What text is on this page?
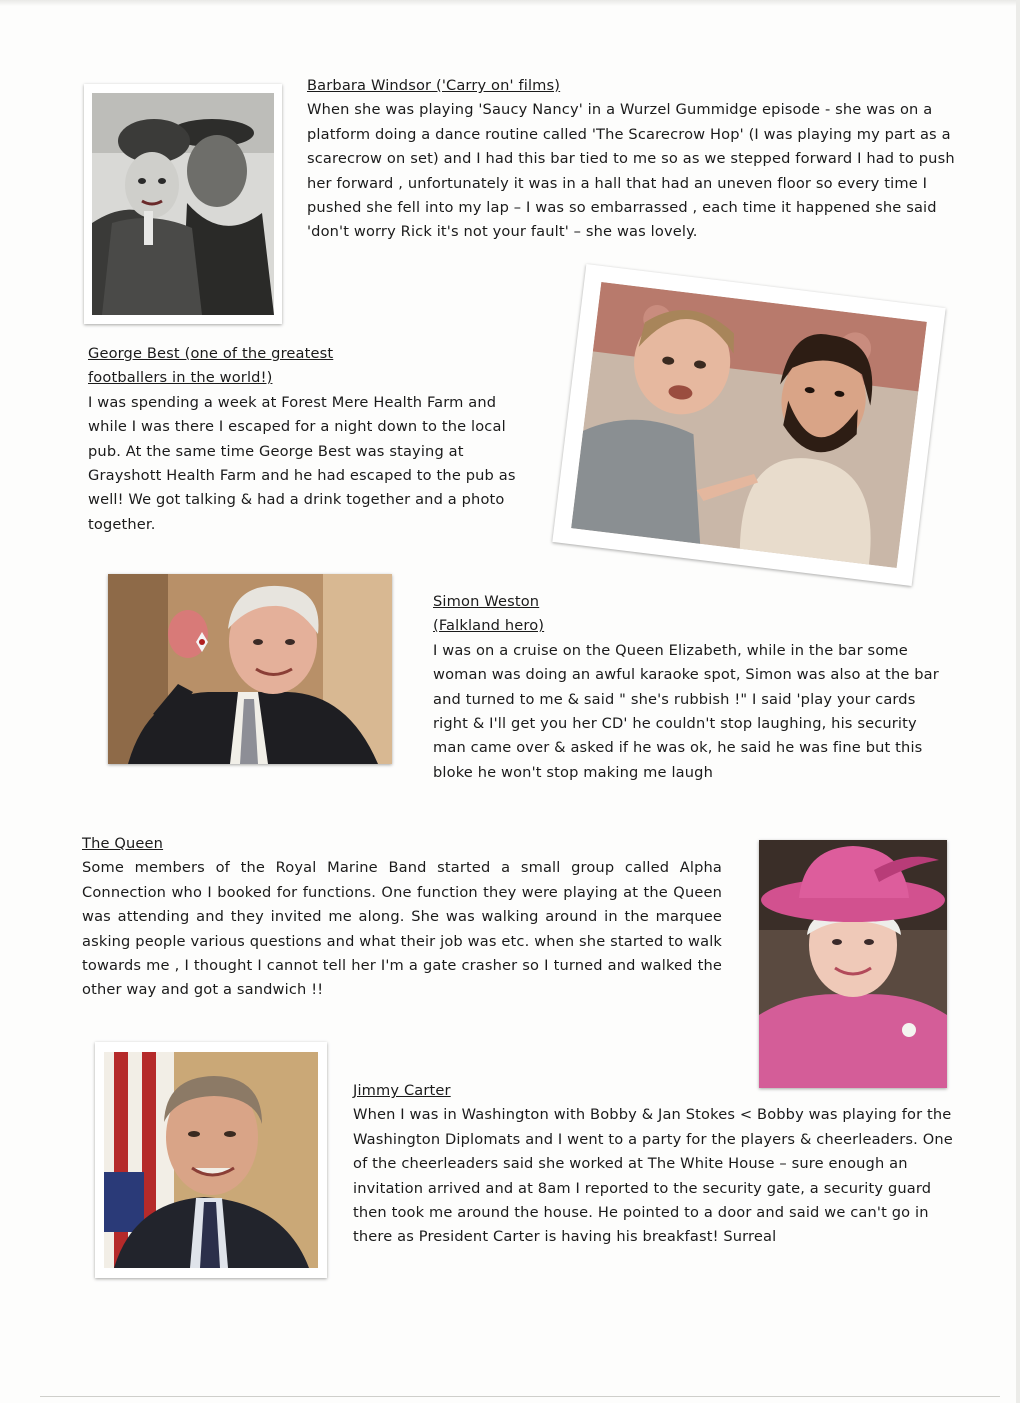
Barbara Windsor ('Carry on' films)

When she was playing 'Saucy Nancy' in a Wurzel Gummidge episode - she was on a platform doing a dance routine called 'The Scarecrow Hop' (I was playing my part as a scarecrow on set) and I had this bar tied to me so as we stepped forward I had to push her forward , unfortunately it was in a hall that had an uneven floor so every time I pushed she fell into my lap – I was so embarrassed , each time it happened she said 'don't worry Rick it's not your fault' – she was lovely.

George Best (one of the greatest footballers in the world!)

I was spending a week at Forest Mere Health Farm and while I was there I escaped for a night down to the local pub. At the same time George Best was staying at Grayshott Health Farm and he had escaped to the pub as well! We got talking & had a drink together and a photo together.

Simon Weston (Falkland hero)

I was on a cruise on the Queen Elizabeth, while in the bar some woman was doing an awful karaoke spot, Simon was also at the bar and turned to me & said " she's rubbish !" I said 'play your cards right & I'll get you her CD' he couldn't stop laughing, his security man came over & asked if he was ok, he said he was fine but this bloke he won't stop making me laugh

The Queen

Some members of the Royal Marine Band started a small group called Alpha Connection who I booked for functions. One function they were playing at the Queen was attending and they invited me along. She was walking around in the marquee asking people various questions and what their job was etc. when she started to walk towards me , I thought I cannot tell her I'm a gate crasher so I turned and walked the other way and got a sandwich !!

Jimmy Carter

When I was in Washington with Bobby & Jan Stokes < Bobby was playing for the Washington Diplomats and I went to a party for the players & cheerleaders. One of the cheerleaders said she worked at The White House – sure enough an invitation arrived and at 8am I reported to the security gate, a security guard then took me around the house. He pointed to a door and said we can't go in there as President Carter is having his breakfast! Surreal
